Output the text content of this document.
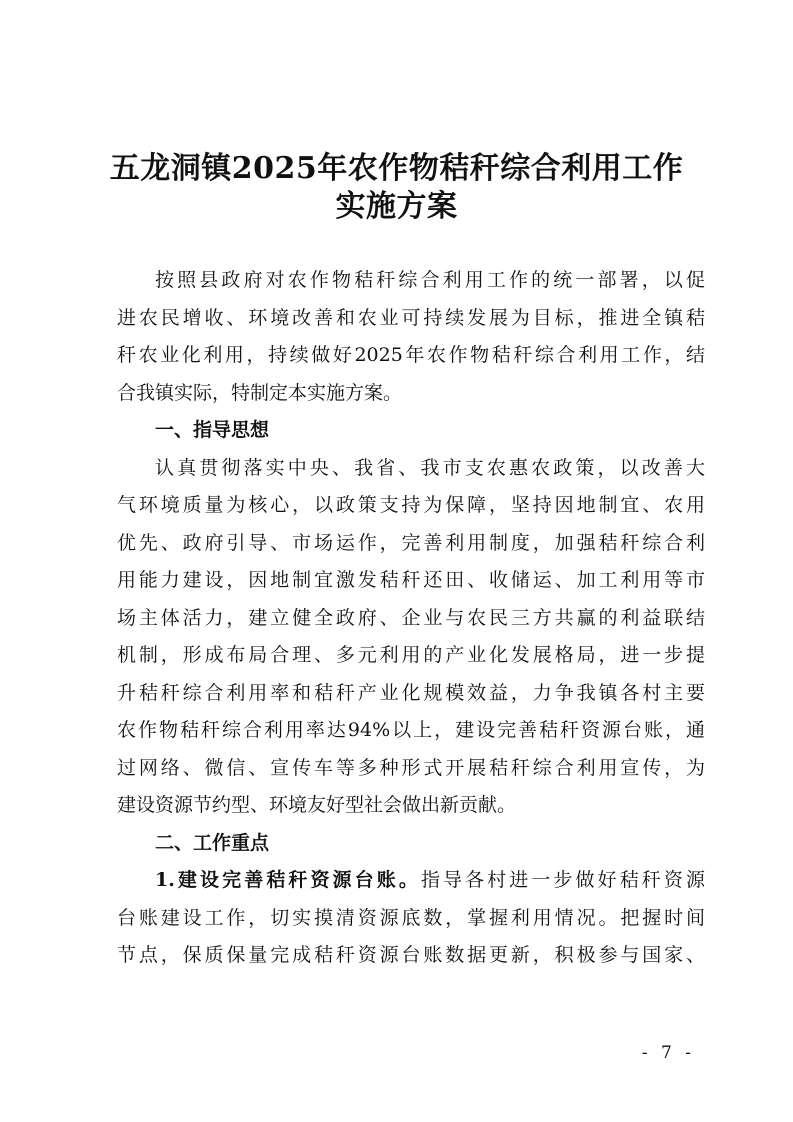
五龙洞镇2025年农作物秸秆综合利用工作
实施方案
按照县政府对农作物秸秆综合利用工作的统一部署，以促
进农民增收、环境改善和农业可持续发展为目标，推进全镇秸
秆农业化利用，持续做好2025年农作物秸秆综合利用工作，结
合我镇实际，特制定本实施方案。
一、指导思想
认真贯彻落实中央、我省、我市支农惠农政策，以改善大
气环境质量为核心，以政策支持为保障，坚持因地制宜、农用
优先、政府引导、市场运作，完善利用制度，加强秸秆综合利
用能力建设，因地制宜激发秸秆还田、收储运、加工利用等市
场主体活力，建立健全政府、企业与农民三方共赢的利益联结
机制，形成布局合理、多元利用的产业化发展格局，进一步提
升秸秆综合利用率和秸秆产业化规模效益，力争我镇各村主要
农作物秸秆综合利用率达94%以上，建设完善秸秆资源台账，通
过网络、微信、宣传车等多种形式开展秸秆综合利用宣传，为
建设资源节约型、环境友好型社会做出新贡献。
二、工作重点
1.建设完善秸秆资源台账。指导各村进一步做好秸秆资源
台账建设工作，切实摸清资源底数，掌握利用情况。把握时间
节点，保质保量完成秸秆资源台账数据更新，积极参与国家、
- 7 -
